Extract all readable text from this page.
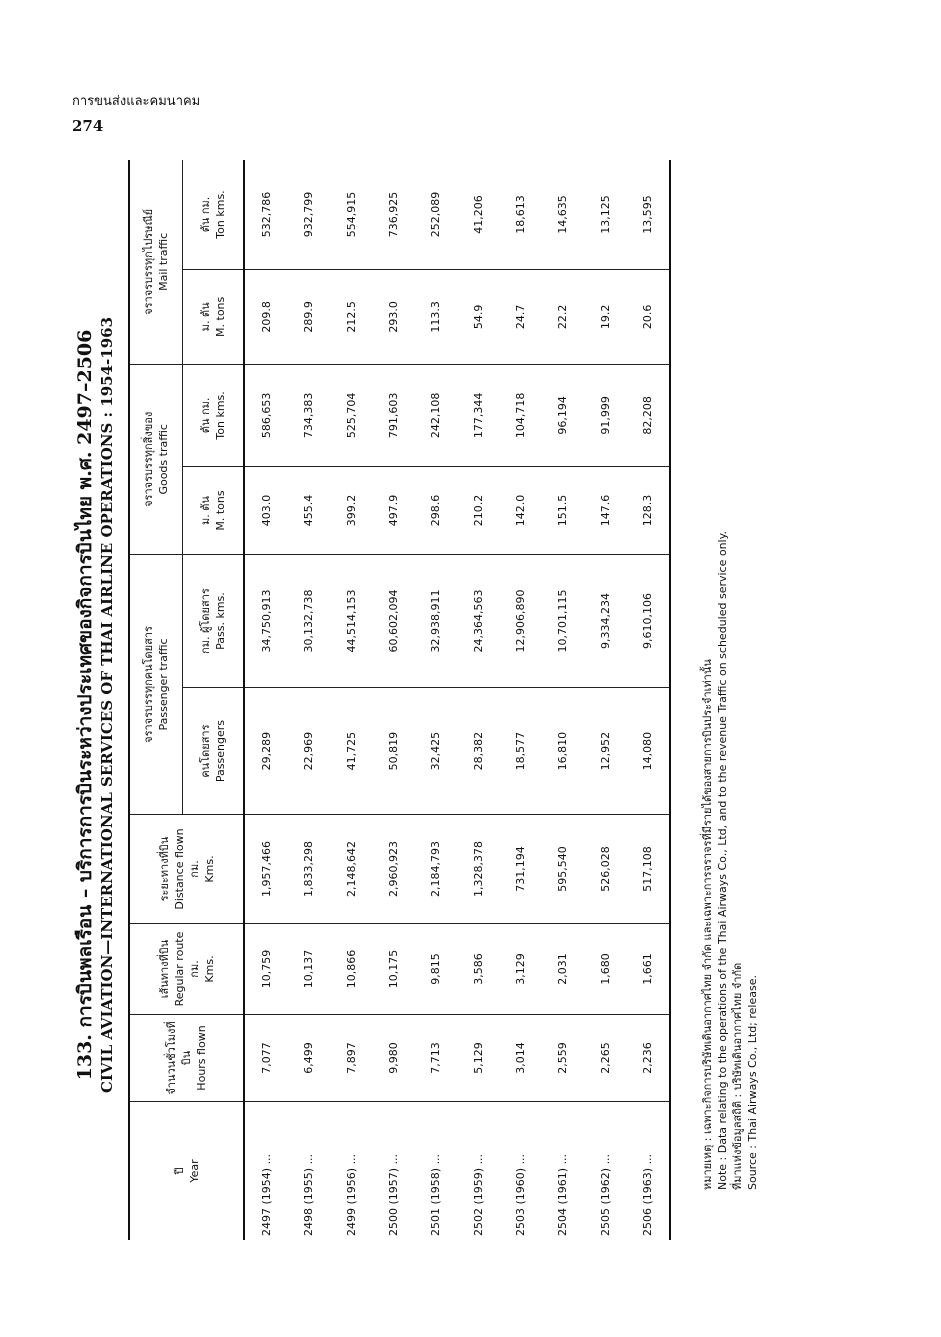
การขนส่งและคมนาคม
274
133. การบินพลเรือน – บริการการบินระหว่างประเทศของกิจการบินไทย พ.ศ. 2497–2506 CIVIL AVIATION—INTERNATIONAL SERVICES OF THAI AIRLINE OPERATIONS : 1954-1963
ปี Year	จำนวนชั่วโมงที่บิน Hours flown	เส้นทางที่บิน Regular route กม. Kms.	ระยะทางที่บิน Distance flown กม. Kms.	จราจรบรรทุกคนโดยสาร Passenger traffic		จราจรบรรทุกสิ่งของ Goods traffic		จราจรบรรทุกไปรษณีย์ Mail traffic	

				คนโดยสาร Passengers	กม. ผู้โดยสาร Pass. kms.	ม. ตัน M. tons	ตัน กม. Ton kms.	ม. ตัน M. tons	ตัน กม. Ton kms.

2497 (1954) ...	7,077	10,759	1,957,466	29,289	34,750,913	403.0	586,653	209.8	532,786
2498 (1955) ...	6,499	10,137	1,833,298	22,969	30,132,738	455.4	734,383	289.9	932,799
2499 (1956) ...	7,897	10,866	2,148,642	41,725	44,514,153	399.2	525,704	212.5	554,915
2500 (1957) ...	9,980	10,175	2,960,923	50,819	60,602,094	497.9	791,603	293.0	736,925
2501 (1958) ...	7,713	9,815	2,184,793	32,425	32,938,911	298.6	242,108	113.3	252,089
2502 (1959) ...	5,129	3,586	1,328,378	28,382	24,364,563	210.2	177,344	54.9	41,206
2503 (1960) ...	3,014	3,129	731,194	18,577	12,906,890	142.0	104,718	24.7	18,613
2504 (1961) ...	2,559	2,031	595,540	16,810	10,701,115	151.5	96,194	22.2	14,635
2505 (1962) ...	2,265	1,680	526,028	12,952	9,334,234	147.6	91,999	19.2	13,125
2506 (1963) ...	2,236	1,661	517,108	14,080	9,610,106	128.3	82,208	20.6	13,595
หมายเหตุ : เฉพาะกิจการบริษัทเดินอากาศไทย จำกัด และเฉพาะการจราจรที่มีรายได้ของสายการบินประจำเท่านั้น Note : Data relating to the operations of the Thai Airways Co., Ltd, and to the revenue Traffic on scheduled service only. ที่มาแห่งข้อมูลสถิติ : บริษัทเดินอากาศไทย จำกัด Source : Thai Airways Co., Ltd; release.
